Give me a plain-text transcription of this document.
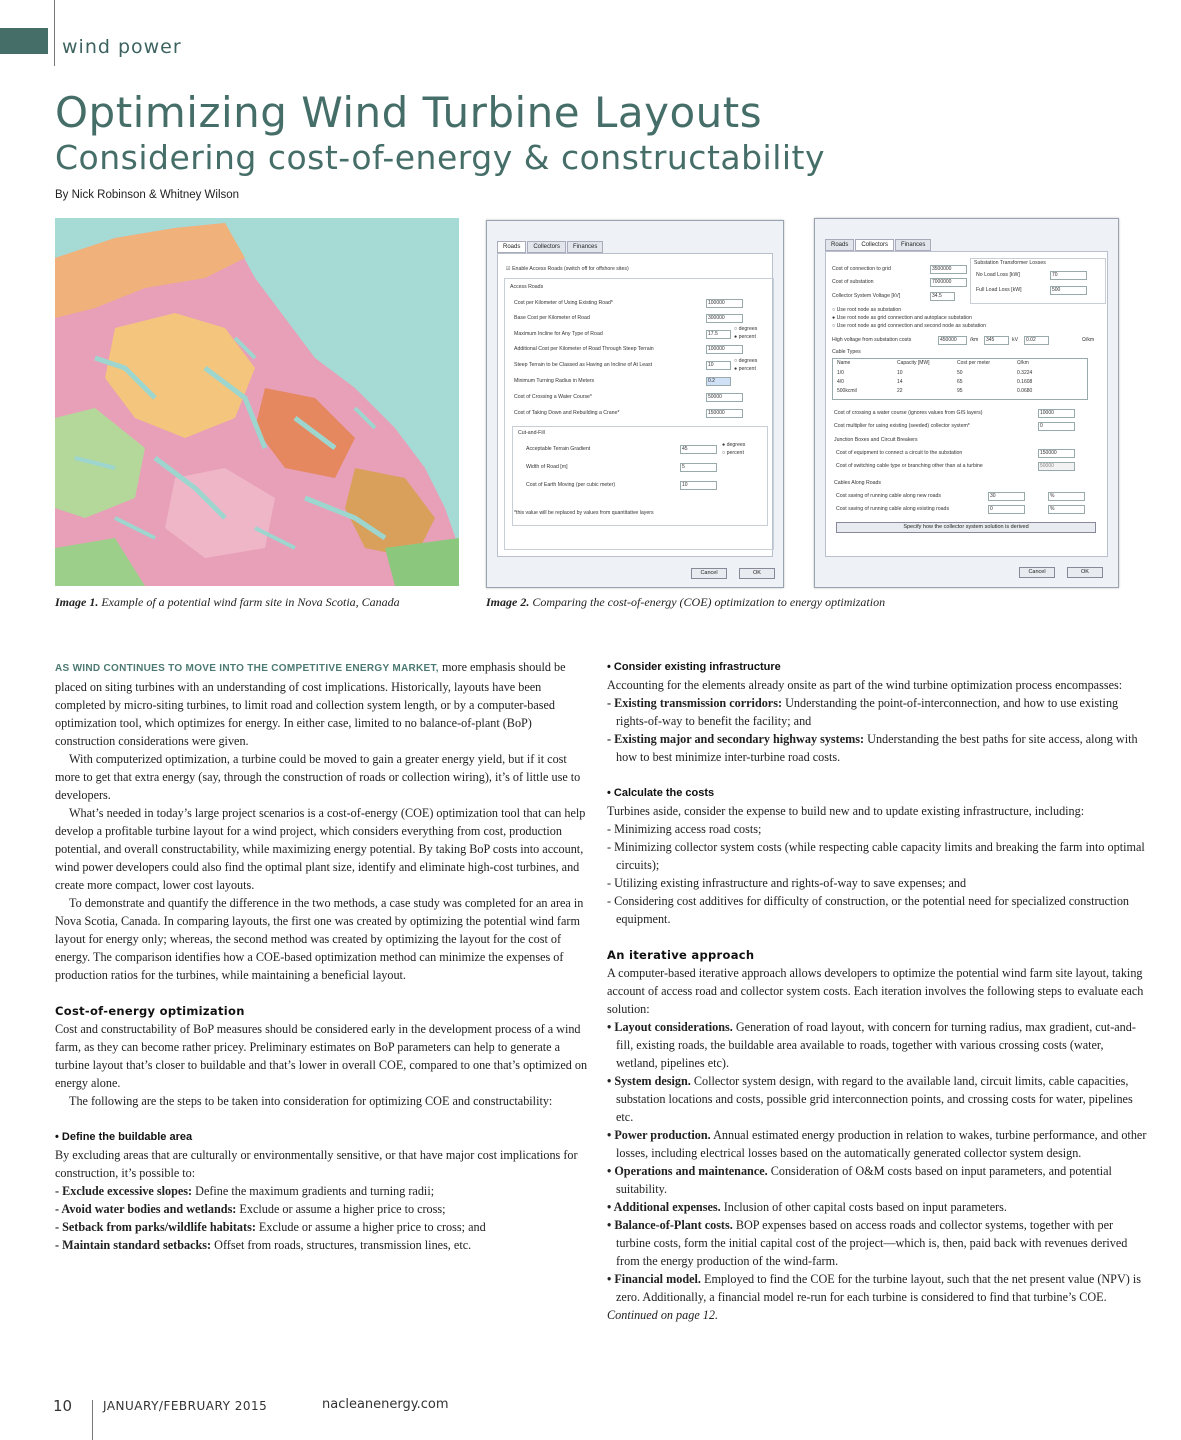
wind power
Optimizing Wind Turbine Layouts
Considering cost-of-energy & constructability
By Nick Robinson & Whitney Wilson
Roads	Collectors	Finances
☑ Enable Access Roads (switch off for offshore sites)
Access Roads
Cost per Kilometer of Using Existing Road*	100000
Base Cost per Kilometer of Road	300000
Maximum Incline for Any Type of Road	17.5
○ degrees
● percent
Additional Cost per Kilometer of Road Through Steep Terrain	100000
Steep Terrain to be Classed as Having an Incline of At Least	10
○ degrees
● percent
Minimum Turning Radius in Meters	0.2
Cost of Crossing a Water Course*	50000
Cost of Taking Down and Rebuilding a Crane*	150000
Cut-and-Fill
Acceptable Terrain Gradient	45
● degrees
○ percent
Width of Road [m]	5
Cost of Earth Moving (per cubic meter)	10
*this value will be replaced by values from quantitative layers
Cancel	OK
Roads	Collectors	Finances
Cost of connection to grid	3500000
Cost of substation	7000000
Collector System Voltage [kV]	34.5
Substation Transformer Losses
No Load Loss [kW]	70
Full Load Loss [kW]	500
○ Use root node as substation
● Use root node as grid connection and autoplace substation
○ Use root node as grid connection and second node as substation
High voltage from substation costs	450000	/km	345	kV	0.02	Ω/km
Cable Types
Name	Capacity [MW]	Cost per meter	Ω/km
1/0	10	50	0.3224
4/0	14	65	0.1608
500kcmil	22	95	0.0680
Cost of crossing a water course (ignores values from GIS layers)	10000
Cost multiplier for using existing (seeded) collector system*	0
Junction Boxes and Circuit Breakers
Cost of equipment to connect a circuit to the substation	150000
Cost of switching cable type or branching other than at a turbine	50000
Cables Along Roads
Cost saving of running cable along new roads	30	%
Cost saving of running cable along existing roads	0	%
Specify how the collector system solution is derived
Cancel	OK
Image 1. Example of a potential wind farm site in Nova Scotia, Canada	Image 2. Comparing the cost-of-energy (COE) optimization to energy optimization

AS WIND CONTINUES TO MOVE INTO THE COMPETITIVE ENERGY MARKET, more emphasis should be placed on siting turbines with an understanding of cost implications. Historically, layouts have been completed by micro-siting turbines, to limit road and collection system length, or by a computer-based optimization tool, which optimizes for energy. In either case, limited to no balance-of-plant (BoP) construction considerations were given.

With computerized optimization, a turbine could be moved to gain a greater energy yield, but if it cost more to get that extra energy (say, through the construction of roads or collection wiring), it’s of little use to developers.

What’s needed in today’s large project scenarios is a cost-of-energy (COE) optimization tool that can help develop a profitable turbine layout for a wind project, which considers everything from cost, production potential, and overall constructability, while maximizing energy potential. By taking BoP costs into account, wind power developers could also find the optimal plant size, identify and eliminate high-cost turbines, and create more compact, lower cost layouts.

To demonstrate and quantify the difference in the two methods, a case study was completed for an area in Nova Scotia, Canada. In comparing layouts, the first one was created by optimizing the potential wind farm layout for energy only; whereas, the second method was created by optimizing the layout for the cost of energy. The comparison identifies how a COE-based optimization method can minimize the expenses of production ratios for the turbines, while maintaining a beneficial layout.

Cost-of-energy optimization

Cost and constructability of BoP measures should be considered early in the development process of a wind farm, as they can become rather pricey. Preliminary estimates on BoP parameters can help to generate a turbine layout that’s closer to buildable and that’s lower in overall COE, compared to one that’s optimized on energy alone.

The following are the steps to be taken into consideration for optimizing COE and constructability:

• Define the buildable area

By excluding areas that are culturally or environmentally sensitive, or that have major cost implications for construction, it’s possible to:

- Exclude excessive slopes: Define the maximum gradients and turning radii;

- Avoid water bodies and wetlands: Exclude or assume a higher price to cross;

- Setback from parks/wildlife habitats: Exclude or assume a higher price to cross; and

- Maintain standard setbacks: Offset from roads, structures, transmission lines, etc.

• Consider existing infrastructure

Accounting for the elements already onsite as part of the wind turbine optimization process encompasses:

- Existing transmission corridors: Understanding the point-of-interconnection, and how to use existing rights-of-way to benefit the facility; and

- Existing major and secondary highway systems: Understanding the best paths for site access, along with how to best minimize inter-turbine road costs.

• Calculate the costs

Turbines aside, consider the expense to build new and to update existing infrastructure, including:

- Minimizing access road costs;

- Minimizing collector system costs (while respecting cable capacity limits and breaking the farm into optimal circuits);

- Utilizing existing infrastructure and rights-of-way to save expenses; and

- Considering cost additives for difficulty of construction, or the potential need for specialized construction equipment.

An iterative approach

A computer-based iterative approach allows developers to optimize the potential wind farm site layout, taking account of access road and collector system costs. Each iteration involves the following steps to evaluate each solution:

• Layout considerations. Generation of road layout, with concern for turning radius, max gradient, cut-and-fill, existing roads, the buildable area available to roads, together with various crossing costs (water, wetland, pipelines etc).

• System design. Collector system design, with regard to the available land, circuit limits, cable capacities, substation locations and costs, possible grid interconnection points, and crossing costs for water, pipelines etc.

• Power production. Annual estimated energy production in relation to wakes, turbine performance, and other losses, including electrical losses based on the automatically generated collector system design.

• Operations and maintenance. Consideration of O&M costs based on input parameters, and potential suitability.

• Additional expenses. Inclusion of other capital costs based on input parameters.

• Balance-of-Plant costs. BOP expenses based on access roads and collector systems, together with per turbine costs, form the initial capital cost of the project—which is, then, paid back with revenues derived from the energy production of the wind-farm.

• Financial model. Employed to find the COE for the turbine layout, such that the net present value (NPV) is zero. Additionally, a financial model re-run for each turbine is considered to find that turbine’s COE.

Continued on page 12.

10	JANUARY/FEBRUARY 2015	nacleanenergy.com
